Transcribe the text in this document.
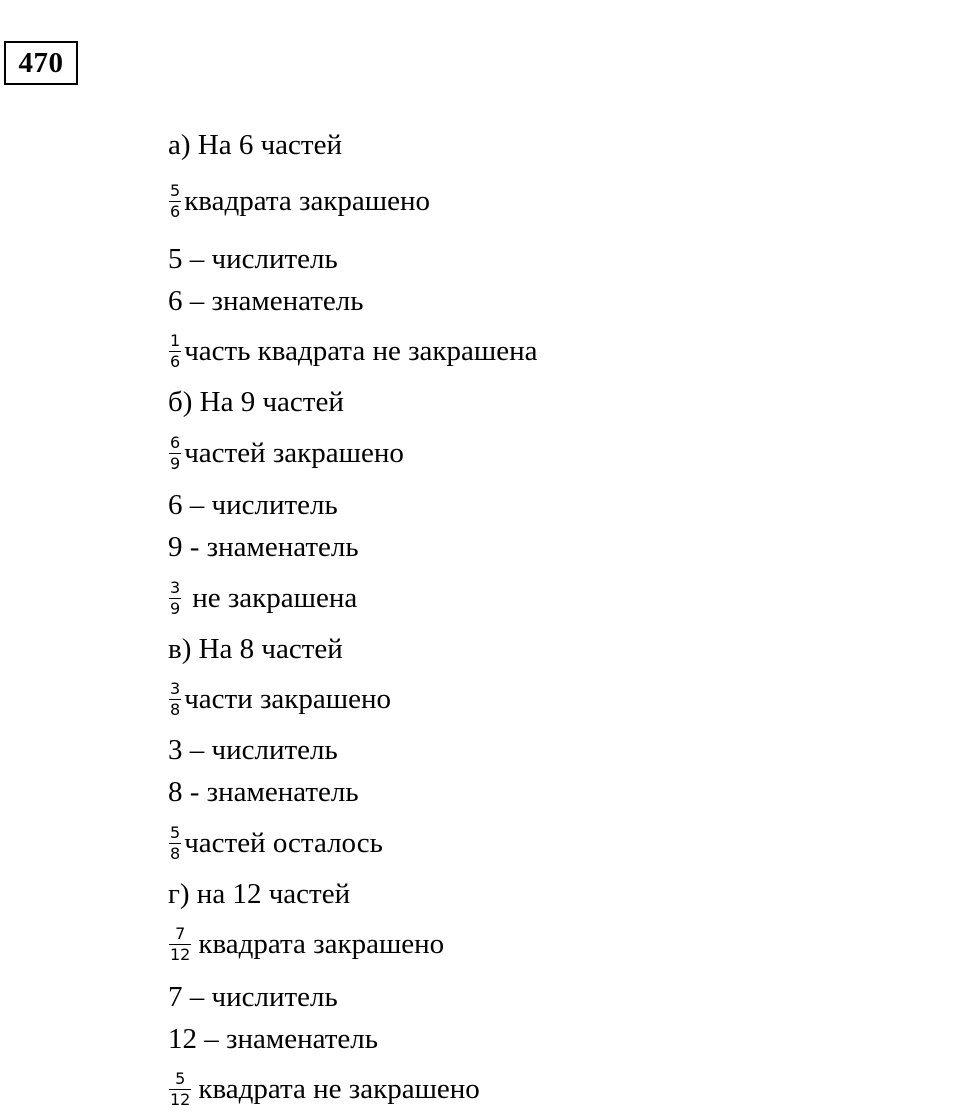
470
а) На 6 частей
$\frac{5}{6}$ квадрата закрашено
5 – числитель
6 – знаменатель
$\frac{1}{6}$ часть квадрата не закрашена
б) На 9 частей
$\frac{6}{9}$ частей закрашено
6 – числитель
9 - знаменатель
$\frac{3}{9}$ не закрашена
в) На 8 частей
$\frac{3}{8}$ части закрашено
3 – числитель
8 - знаменатель
$\frac{5}{8}$ частей осталось
г) на 12 частей
$\frac{7}{12}$ квадрата закрашено
7 – числитель
12 – знаменатель
$\frac{5}{12}$ квадрата не закрашено
